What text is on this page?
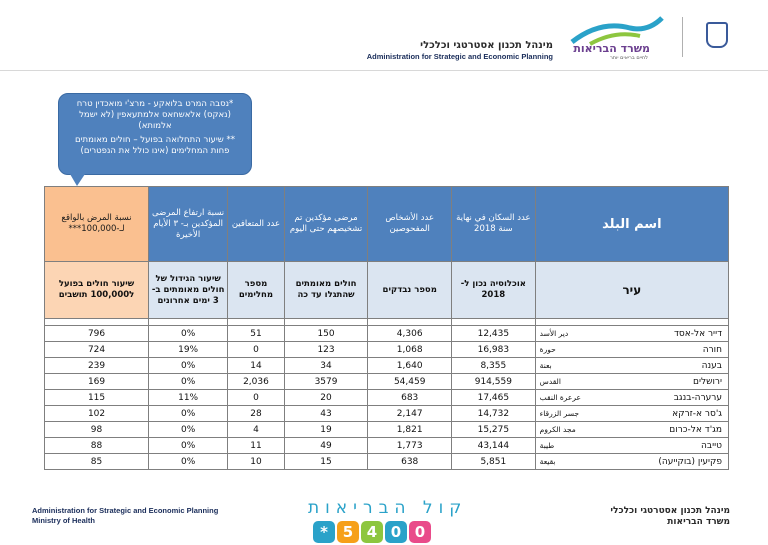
מינהל תכנון אסטרטגי וכלכלי
Administration for Strategic and Economic Planning
משרד הבריאות
לחיים בריאים יותר

*נסבה המרט בלואקע - מרצ'י מואכדין טרח (נאקס) אלאשחאס אלמתעאפין (לא ישמל אלמותא)

** שיעור התחלואה בפועל – חולים מאומתים פחות המחלימים (אינו כולל את הנפטרים)

اسم البلد	عدد السكان في نهاية سنة 2018	عدد الأشخاص المفحوصين	مرضى مؤكدين تم تشخيصهم حتى اليوم	عدد المتعافين	نسبة ارتفاع المرضى المؤكدين بـ- ٣ الأيام الأخيرة	نسبة المرض بالواقع لـ-100,000***
עיר	אוכלוסיה נכון ל- 2018	מספר נבדקים	חולים מאומתים שהתגלו עד כה	מספר מחלימים	שיעור הגידול של חולים מאומתים ב- 3 ימים אחרונים	שיעור חולים בפועל ל100,000 תושבים

דייר אל-אסד
دير الأسد	12,435	4,306	150	51	0%	796
חורה
حورة	16,983	1,068	123	0	19%	724
בענה
بعنة	8,355	1,640	34	14	0%	239
ירושלים
القدس	914,559	54,459	3579	2,036	0%	169
ערערה-בנגב
عرعرة النقب	17,465	683	20	0	11%	115
ג'סר א-זרקא
جسر الزرقاء	14,732	2,147	43	28	0%	102
מג'ד אל-כרום
مجد الكروم	15,275	1,821	19	4	0%	98
טייבה
طيبة	43,144	1,773	49	11	0%	88
פקיעין (בוקייעה)
بقيعة	5,851	638	15	10	0%	85
Administration for Strategic and Economic Planning
Ministry of Health
מינהל תכנון אסטרטגי וכלכלי
משרד הבריאות
קול הבריאות
* 5 4 0 0
